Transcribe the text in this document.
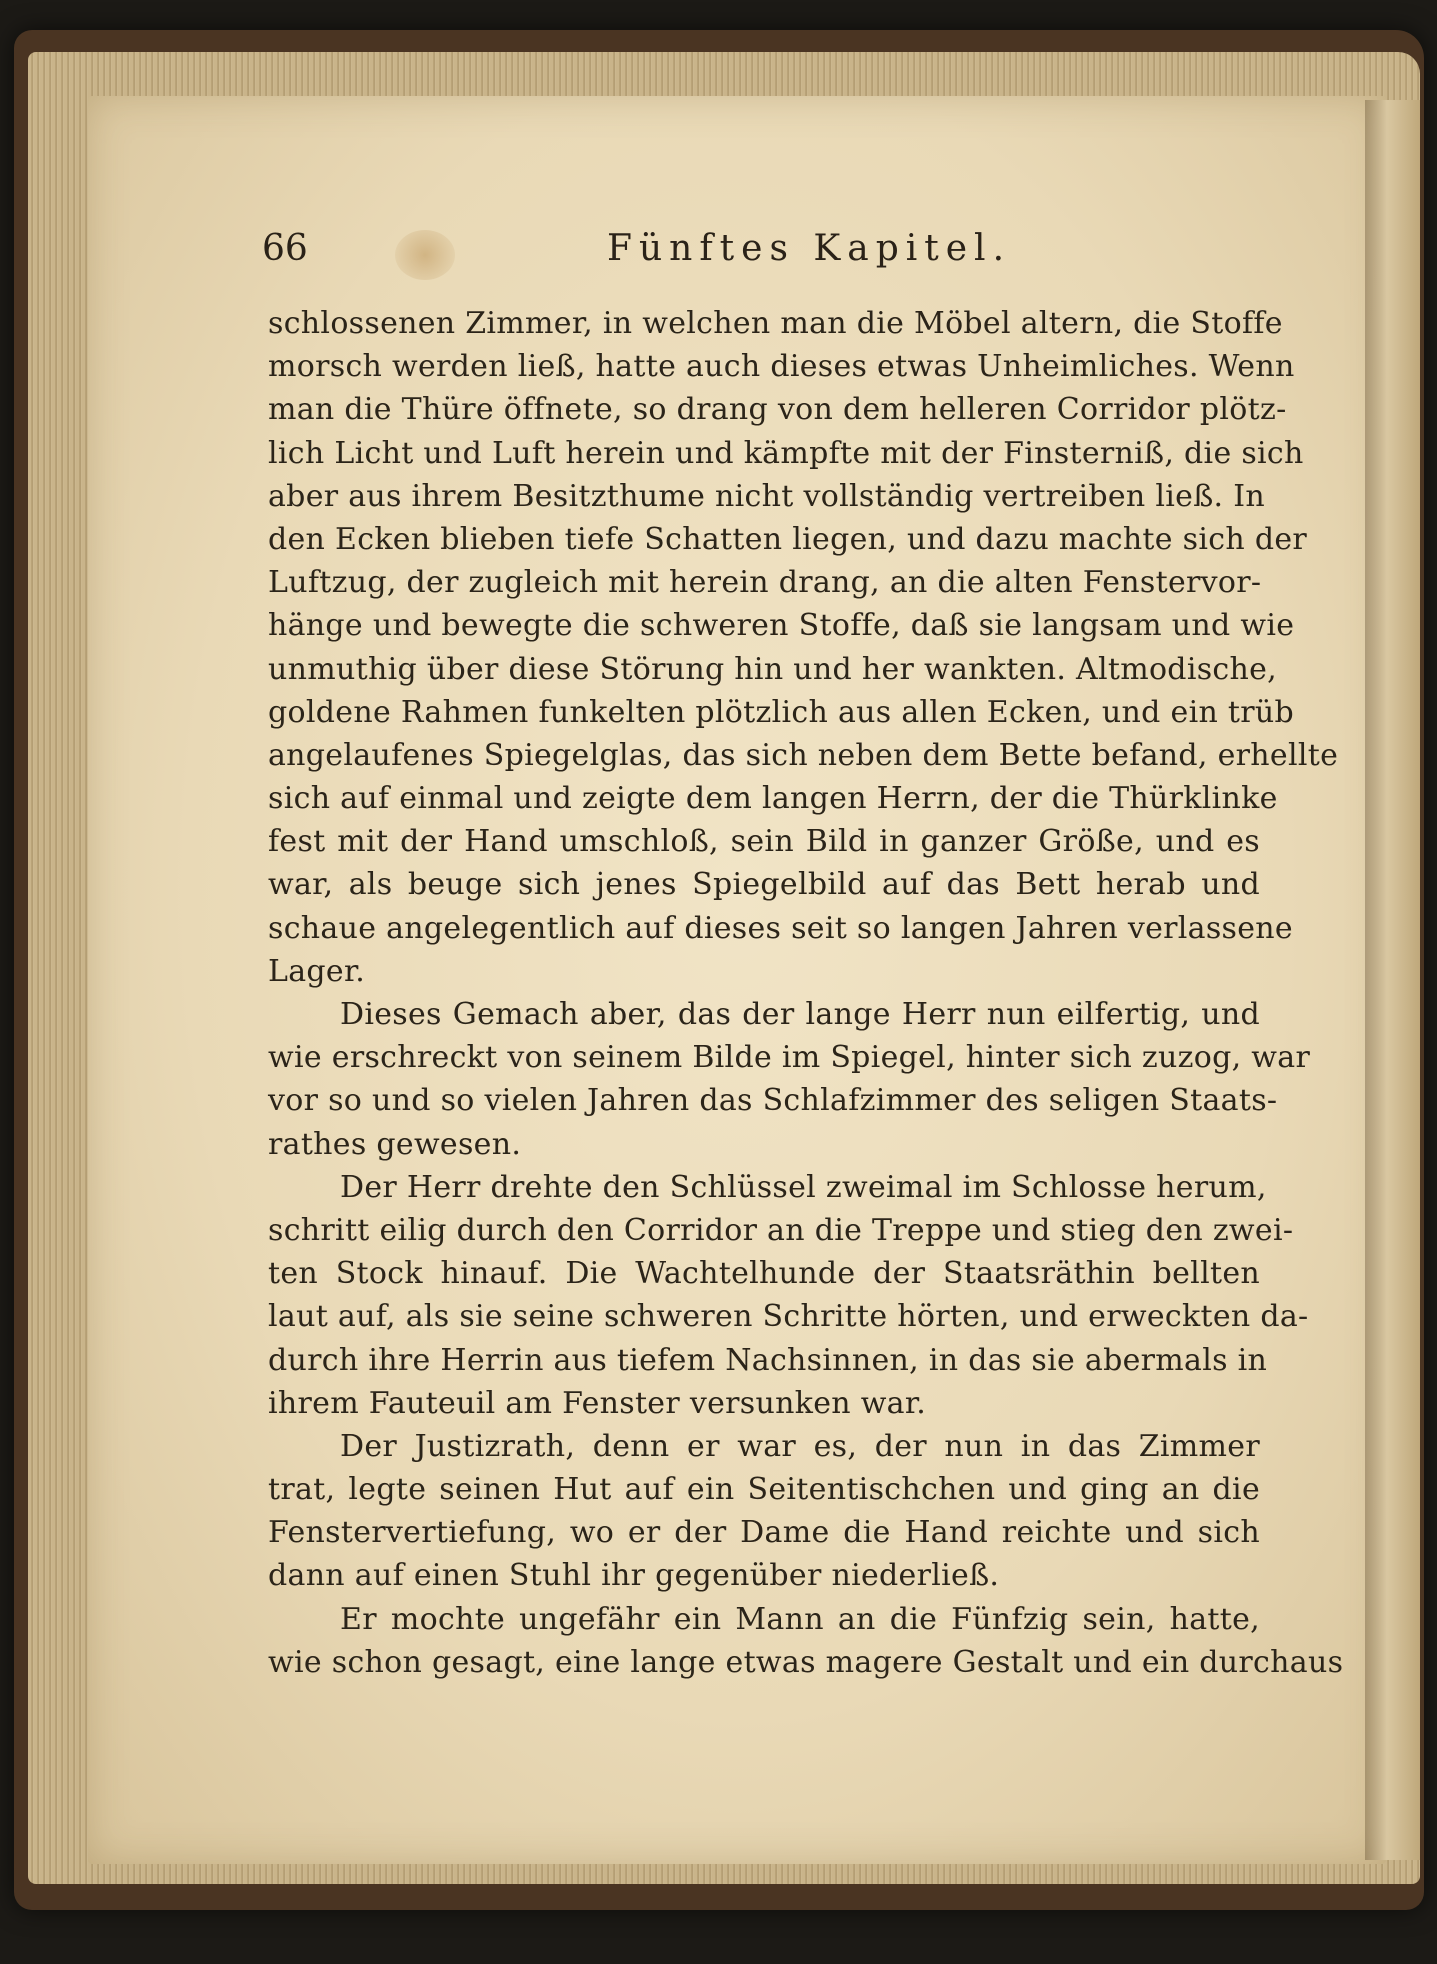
66	Fünftes Kapitel.
schlossenen Zimmer, in welchen man die Möbel altern, die Stoffe
morsch werden ließ, hatte auch dieses etwas Unheimliches. Wenn
man die Thüre öffnete, so drang von dem helleren Corridor plötz-
lich Licht und Luft herein und kämpfte mit der Finsterniß, die sich
aber aus ihrem Besitzthume nicht vollständig vertreiben ließ. In
den Ecken blieben tiefe Schatten liegen, und dazu machte sich der
Luftzug, der zugleich mit herein drang, an die alten Fenstervor-
hänge und bewegte die schweren Stoffe, daß sie langsam und wie
unmuthig über diese Störung hin und her wankten. Altmodische,
goldene Rahmen funkelten plötzlich aus allen Ecken, und ein trüb
angelaufenes Spiegelglas, das sich neben dem Bette befand, erhellte
sich auf einmal und zeigte dem langen Herrn, der die Thürklinke
fest mit der Hand umschloß, sein Bild in ganzer Größe, und es
war, als beuge sich jenes Spiegelbild auf das Bett herab und
schaue angelegentlich auf dieses seit so langen Jahren verlassene
Lager.
Dieses Gemach aber, das der lange Herr nun eilfertig, und
wie erschreckt von seinem Bilde im Spiegel, hinter sich zuzog, war
vor so und so vielen Jahren das Schlafzimmer des seligen Staats-
rathes gewesen.
Der Herr drehte den Schlüssel zweimal im Schlosse herum,
schritt eilig durch den Corridor an die Treppe und stieg den zwei-
ten Stock hinauf. Die Wachtelhunde der Staatsräthin bellten
laut auf, als sie seine schweren Schritte hörten, und erweckten da-
durch ihre Herrin aus tiefem Nachsinnen, in das sie abermals in
ihrem Fauteuil am Fenster versunken war.
Der Justizrath, denn er war es, der nun in das Zimmer
trat, legte seinen Hut auf ein Seitentischchen und ging an die
Fenstervertiefung, wo er der Dame die Hand reichte und sich
dann auf einen Stuhl ihr gegenüber niederließ.
Er mochte ungefähr ein Mann an die Fünfzig sein, hatte,
wie schon gesagt, eine lange etwas magere Gestalt und ein durchaus
